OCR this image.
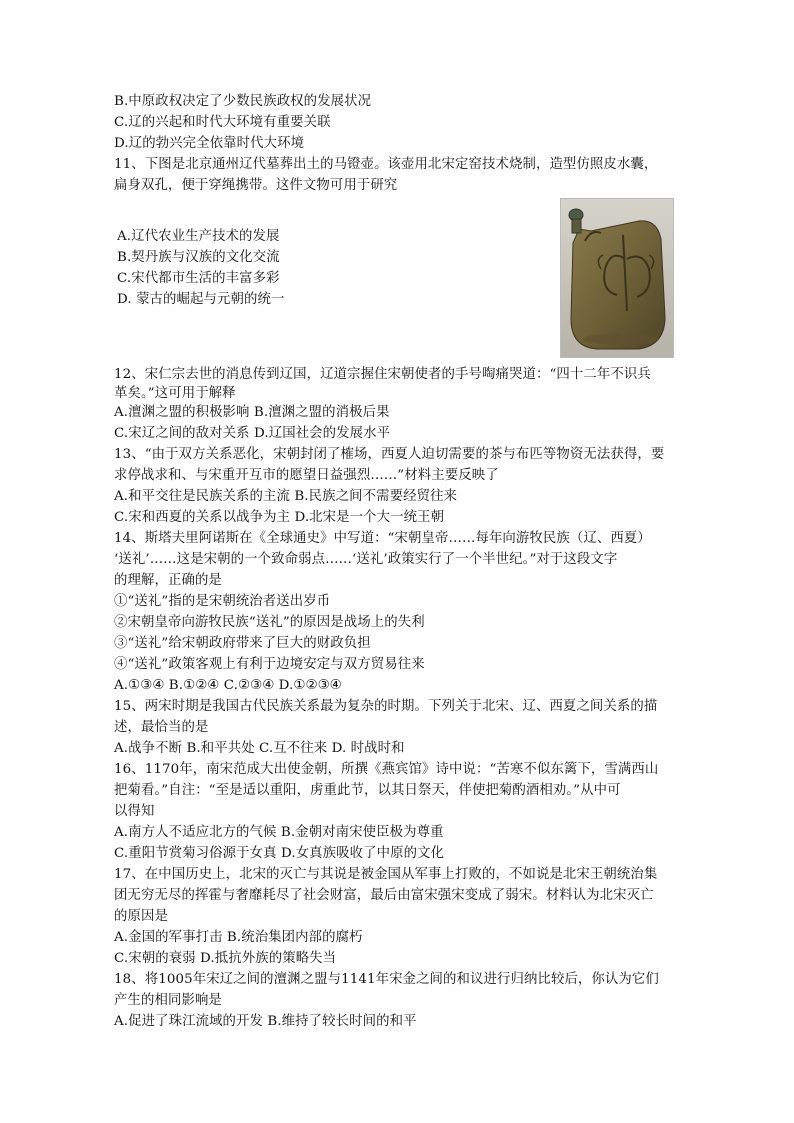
B.中原政权决定了少数民族政权的发展状况
C.辽的兴起和时代大环境有重要关联
D.辽的勃兴完全依靠时代大环境
11、下图是北京通州辽代墓葬出土的马镫壶。该壶用北宋定窑技术烧制，造型仿照皮水囊，
扁身双孔，便于穿绳携带。这件文物可用于研究
A.辽代农业生产技术的发展
B.契丹族与汉族的文化交流
C.宋代都市生活的丰富多彩
D. 蒙古的崛起与元朝的统一
12、宋仁宗去世的消息传到辽国，辽道宗握住宋朝使者的手号啕痛哭道：“四十二年不识兵
革矣。”这可用于解释
A.澶渊之盟的积极影响 B.澶渊之盟的消极后果
C.宋辽之间的敌对关系 D.辽国社会的发展水平
13、“由于双方关系恶化，宋朝封闭了榷场，西夏人迫切需要的茶与布匹等物资无法获得，要
求停战求和、与宋重开互市的愿望日益强烈……”材料主要反映了
A.和平交往是民族关系的主流 B.民族之间不需要经贸往来
C.宋和西夏的关系以战争为主 D.北宋是一个大一统王朝
14、斯塔夫里阿诺斯在《全球通史》中写道：“宋朝皇帝……每年向游牧民族（辽、西夏）
‘送礼’……这是宋朝的一个致命弱点……‘送礼’政策实行了一个半世纪。”对于这段文字
的理解，正确的是
①“送礼”指的是宋朝统治者送出岁币
②宋朝皇帝向游牧民族“送礼”的原因是战场上的失利
③“送礼”给宋朝政府带来了巨大的财政负担
④“送礼”政策客观上有利于边境安定与双方贸易往来
A.①③④ B.①②④ C.②③④ D.①②③④
15、两宋时期是我国古代民族关系最为复杂的时期。下列关于北宋、辽、西夏之间关系的描
述，最恰当的是
A.战争不断 B.和平共处 C.互不往来 D. 时战时和
16、1170年，南宋范成大出使金朝，所撰《燕宾馆》诗中说：“苦寒不似东篱下，雪满西山
把菊看。”自注：“至是适以重阳，虏重此节，以其日祭天，伴使把菊酌酒相劝。”从中可
以得知
A.南方人不适应北方的气候 B.金朝对南宋使臣极为尊重
C.重阳节赏菊习俗源于女真 D.女真族吸收了中原的文化
17、在中国历史上，北宋的灭亡与其说是被金国从军事上打败的，不如说是北宋王朝统治集
团无穷无尽的挥霍与奢靡耗尽了社会财富，最后由富宋强宋变成了弱宋。材料认为北宋灭亡
的原因是
A.金国的军事打击 B.统治集团内部的腐朽
C.宋朝的衰弱 D.抵抗外族的策略失当
18、将1005年宋辽之间的澶渊之盟与1141年宋金之间的和议进行归纳比较后，你认为它们
产生的相同影响是
A.促进了珠江流域的开发 B.维持了较长时间的和平
